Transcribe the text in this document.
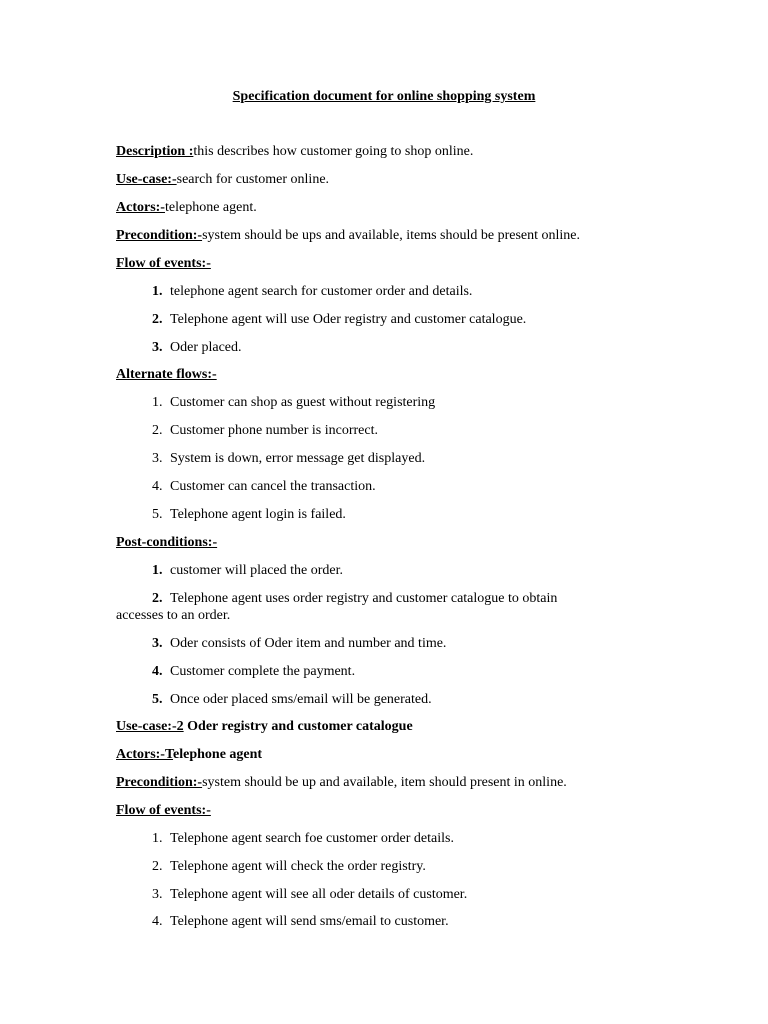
Specification document for online shopping system
Description :this describes how customer going to shop online.
Use-case:-search for customer online.
Actors:-telephone agent.
Precondition:-system should be ups and available, items should be present online.
Flow of events:-
1. telephone agent search for customer order and details.
2. Telephone agent will use Oder registry and customer catalogue.
3. Oder placed.
Alternate flows:-
1. Customer can shop as guest without registering
2. Customer phone number is incorrect.
3. System is down, error message get displayed.
4. Customer can cancel the transaction.
5. Telephone agent login is failed.
Post-conditions:-
1. customer will placed the order.
2. Telephone agent uses order registry and customer catalogue to obtain
accesses to an order.
3. Oder consists of Oder item and number and time.
4. Customer complete the payment.
5. Once oder placed sms/email will be generated.
Use-case:-2 Oder registry and customer catalogue
Actors:-Telephone agent
Precondition:-system should be up and available, item should present in online.
Flow of events:-
1. Telephone agent search foe customer order details.
2. Telephone agent will check the order registry.
3. Telephone agent will see all oder details of customer.
4. Telephone agent will send sms/email to customer.
